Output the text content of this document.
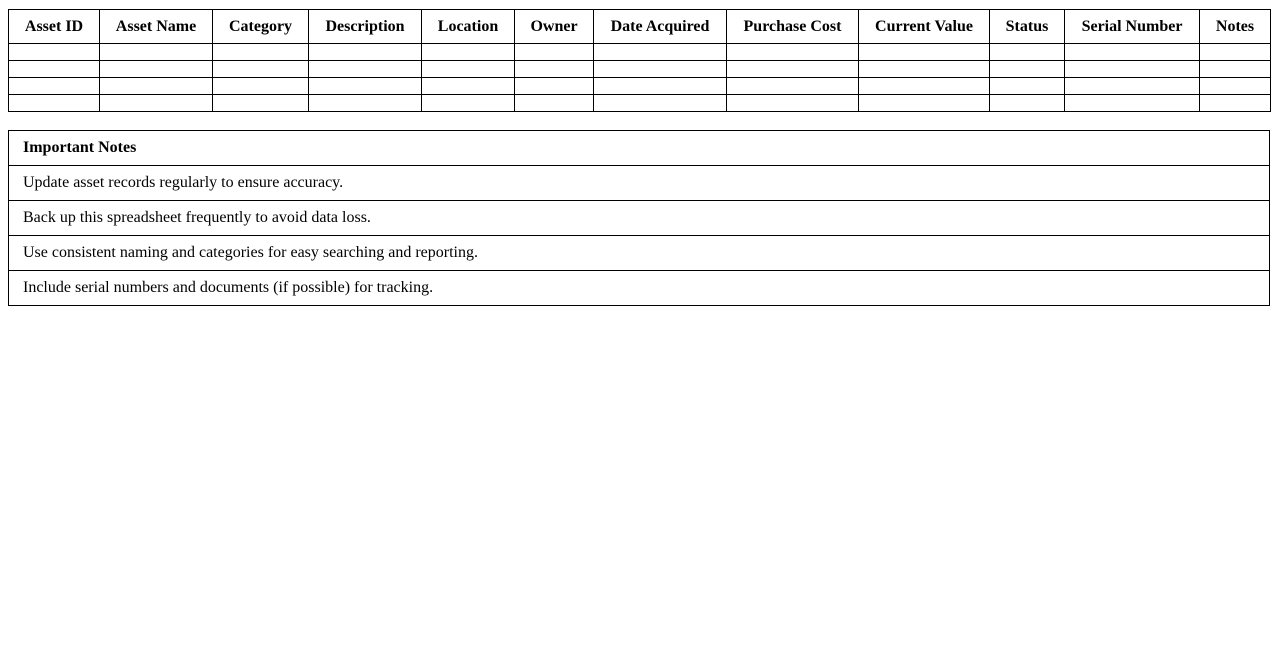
Asset ID	Asset Name	Category	Description	Location	Owner	Date Acquired	Purchase Cost	Current Value	Status	Serial Number	Notes

Important Notes
Update asset records regularly to ensure accuracy.
Back up this spreadsheet frequently to avoid data loss.
Use consistent naming and categories for easy searching and reporting.
Include serial numbers and documents (if possible) for tracking.
